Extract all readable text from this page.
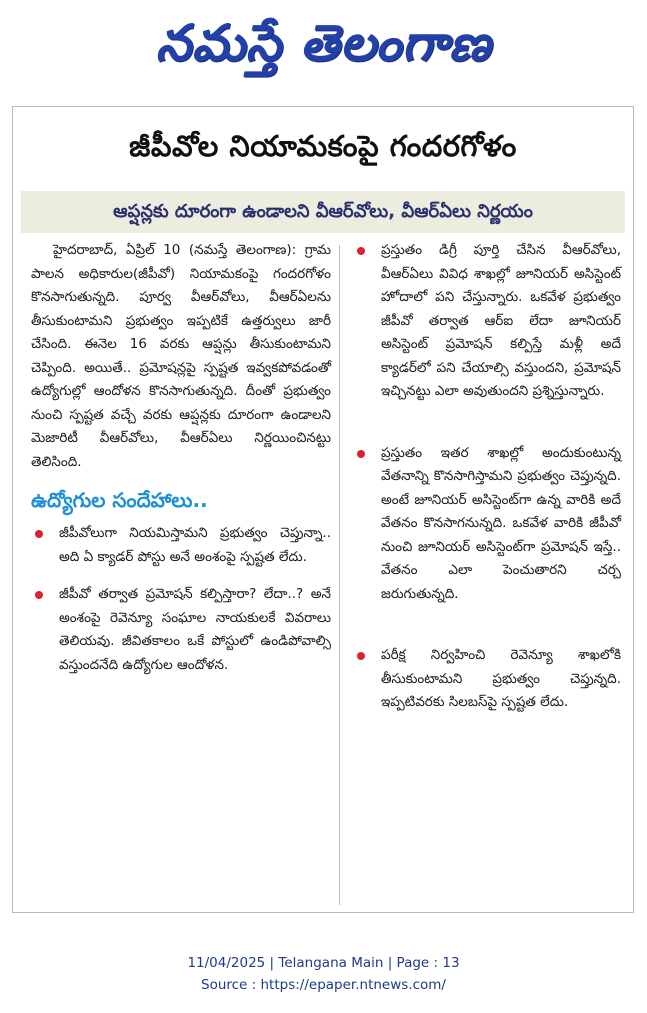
నమస్తే తెలంగాణ
జీపీవోల నియామకంపై గందరగోళం
ఆప్షన్లకు దూరంగా ఉండాలని వీఆర్‌వోలు, వీఆర్‌ఏలు నిర్ణయం

హైదరాబాద్‌, ఏప్రిల్‌ 10 (నమస్తే తెలంగాణ): గ్రామ పాలన అధికారుల(జీపీవో) నియామకంపై గందరగోళం కొనసాగుతున్నది. పూర్వ వీఆర్‌వోలు, వీఆర్‌ఏలను తీసుకుంటామని ప్రభుత్వం ఇప్పటికే ఉత్తర్వులు జారీ చేసింది. ఈనెల 16 వరకు ఆప్షన్లు తీసుకుంటామని చెప్పింది. అయితే.. ప్రమోషన్లపై స్పష్టత ఇవ్వకపోవడంతో ఉద్యోగుల్లో ఆందోళన కొనసాగుతున్నది. దీంతో ప్రభుత్వం నుంచి స్పష్టత వచ్చే వరకు ఆప్షన్లకు దూరంగా ఉండాలని మెజారిటీ వీఆర్‌వోలు, వీఆర్‌ఏలు నిర్ణయించినట్టు తెలిసింది.

ఉద్యోగుల సందేహాలు..
జీపీవోలుగా నియమిస్తామని ప్రభుత్వం చెప్తున్నా.. అది ఏ క్యాడర్‌ పోస్టు అనే అంశంపై స్పష్టత లేదు.
జీపీవో తర్వాత ప్రమోషన్‌ కల్పిస్తారా? లేదా..? అనే అంశంపై రెవెన్యూ సంఘాల నాయకులకే వివరాలు తెలియవు. జీవితకాలం ఒకే పోస్టులో ఉండిపోవాల్సి వస్తుందనేది ఉద్యోగుల ఆందోళన.
ప్రస్తుతం డిగ్రీ పూర్తి చేసిన వీఆర్‌వోలు, వీఆర్‌ఏలు వివిధ శాఖల్లో జూనియర్‌ అసిస్టెంట్‌ హోదాలో పని చేస్తున్నారు. ఒకవేళ ప్రభుత్వం జీపీవో తర్వాత ఆర్‌ఐ లేదా జూనియర్‌ అసిస్టెంట్‌ ప్రమోషన్‌ కల్పిస్తే మళ్లీ అదే క్యాడర్‌లో పని చేయాల్సి వస్తుందని, ప్రమోషన్‌ ఇచ్చినట్టు ఎలా అవుతుందని ప్రశ్నిస్తున్నారు.
ప్రస్తుతం ఇతర శాఖల్లో అందుకుంటున్న వేతనాన్ని కొనసాగిస్తామని ప్రభుత్వం చెప్తున్నది. అంటే జూనియర్‌ అసిస్టెంట్‌గా ఉన్న వారికి అదే వేతనం కొనసాగనున్నది. ఒకవేళ వారికి జీపీవో నుంచి జూనియర్‌ అసిస్టెంట్‌గా ప్రమోషన్‌ ఇస్తే.. వేతనం ఎలా పెంచుతారని చర్చ జరుగుతున్నది.
పరీక్ష నిర్వహించి రెవెన్యూ శాఖలోకి తీసుకుంటామని ప్రభుత్వం చెప్తున్నది. ఇప్పటివరకు సిలబస్‌పై స్పష్టత లేదు.
11/04/2025 | Telangana Main | Page : 13
Source : https://epaper.ntnews.com/
